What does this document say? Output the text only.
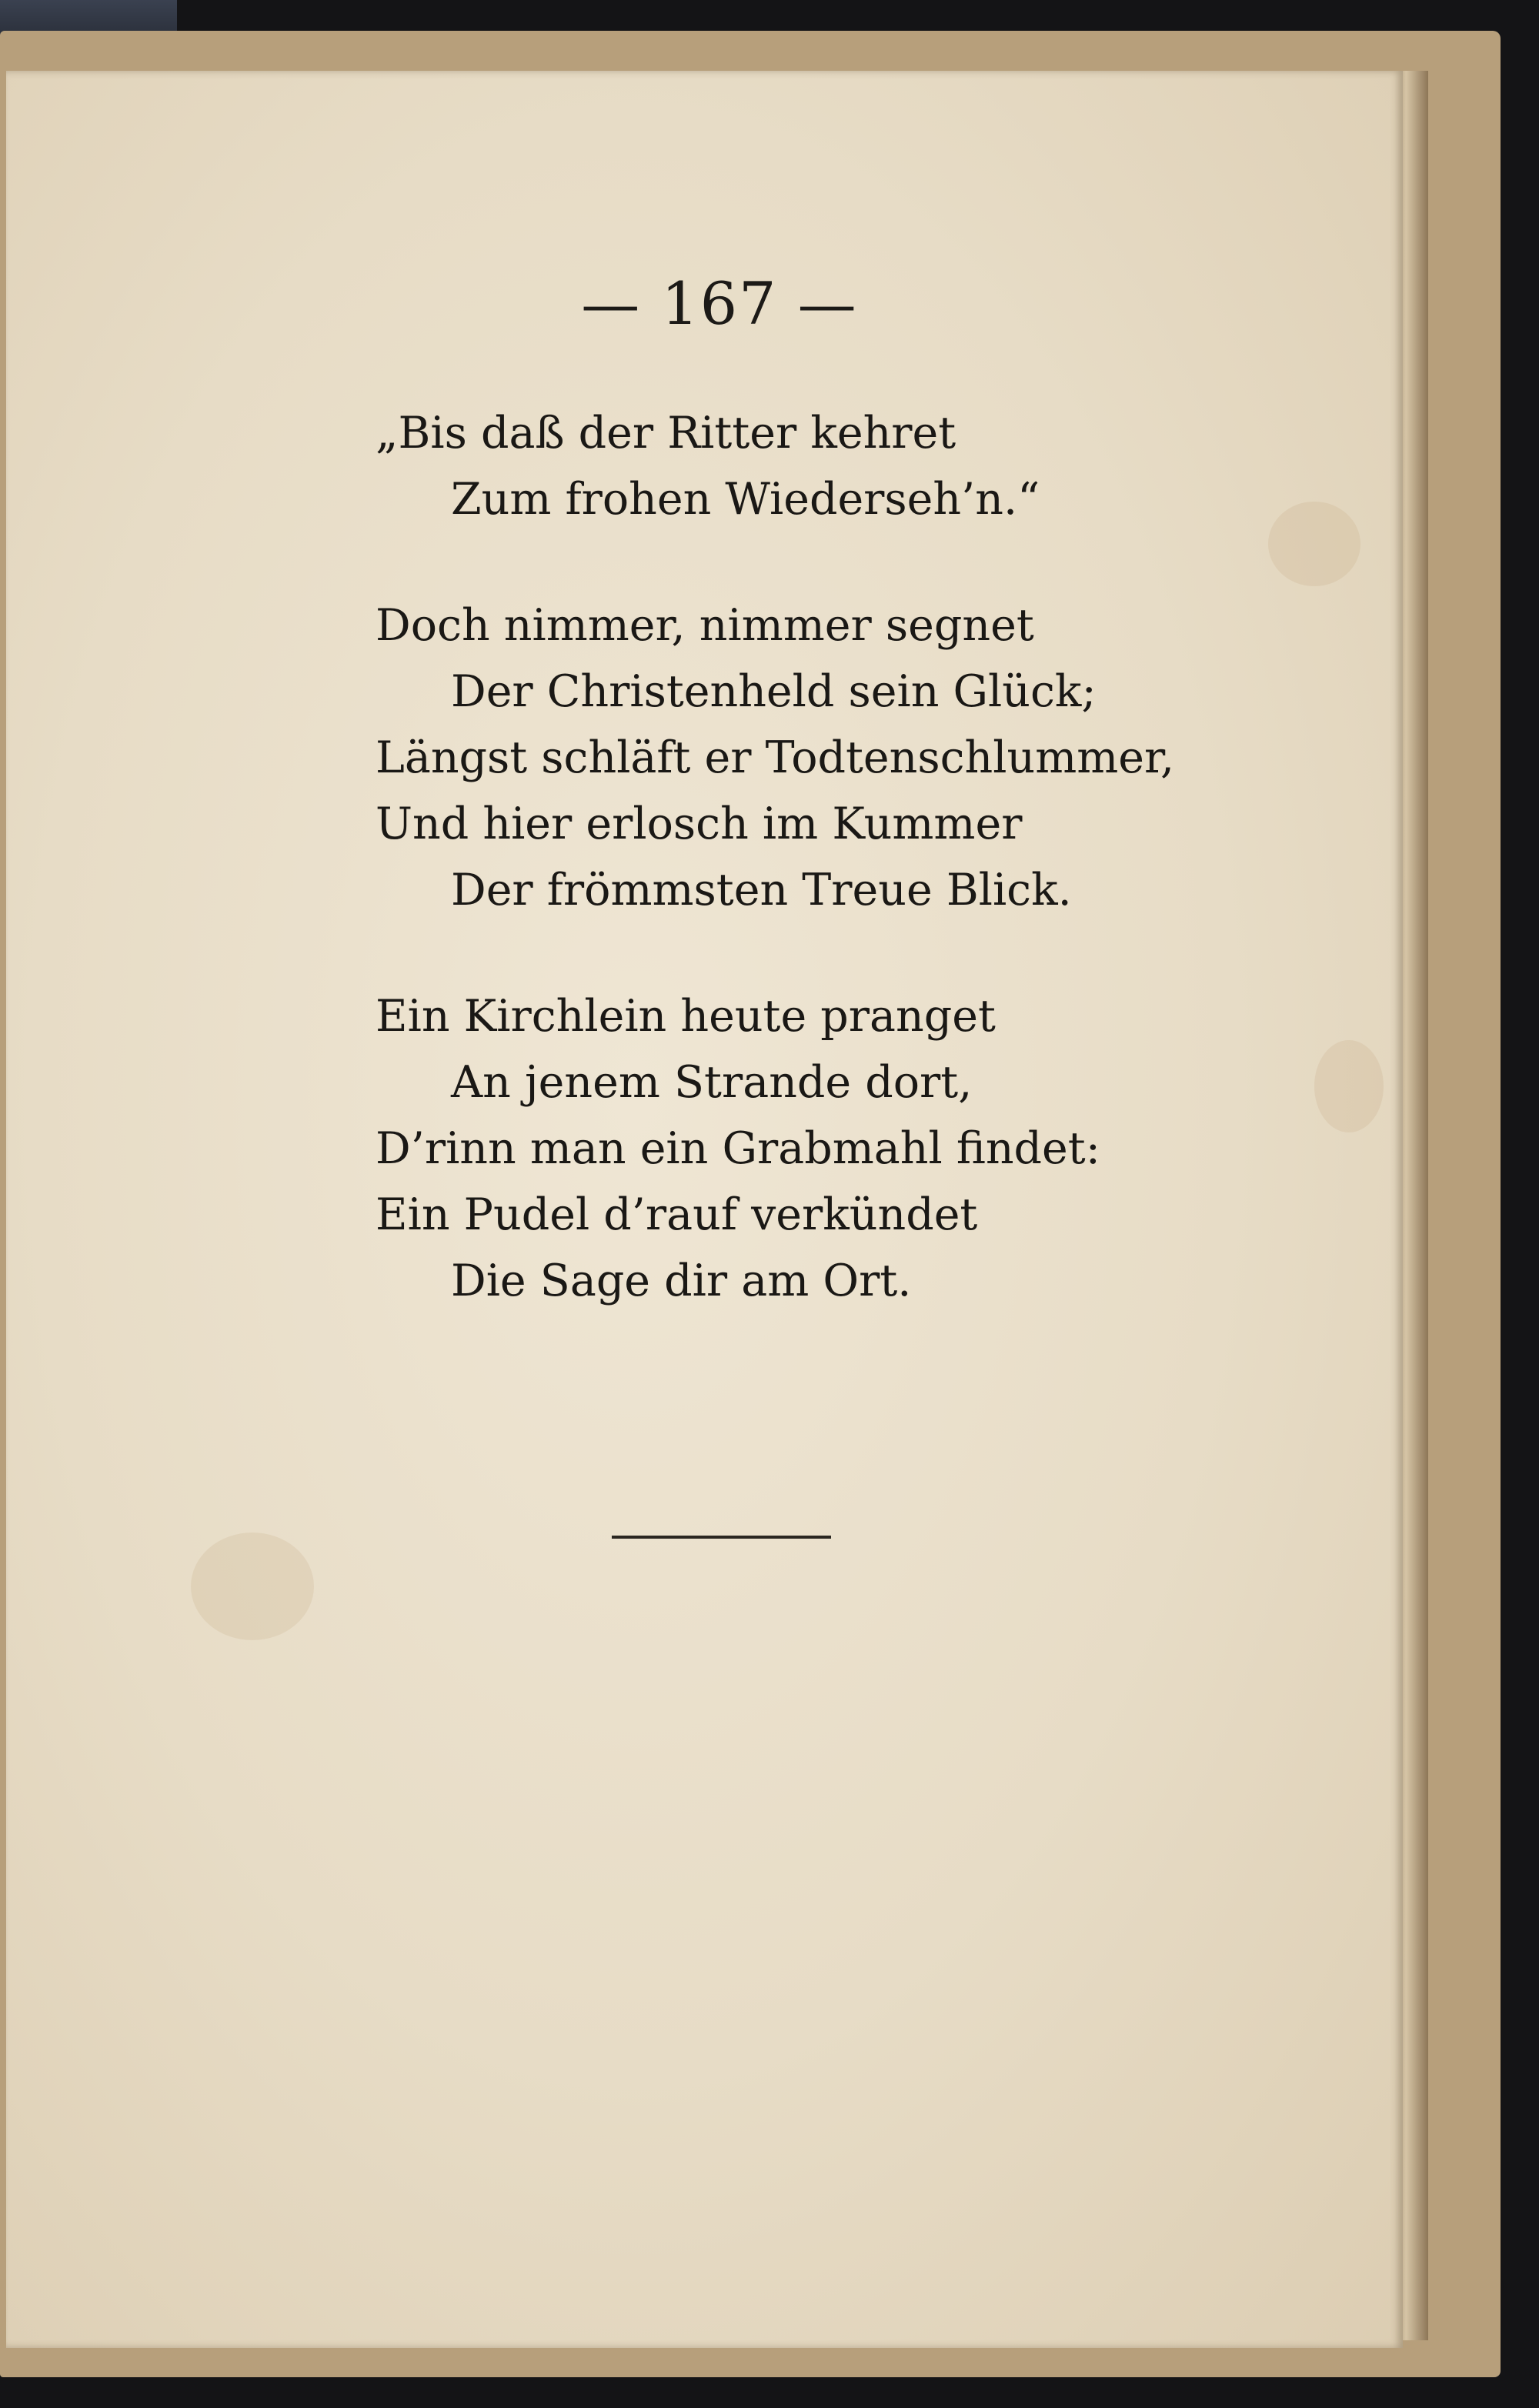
— 167 —
„Bis daß der Ritter kehret
Zum frohen Wiederseh’n.“
Doch nimmer, nimmer segnet
Der Christenheld sein Glück;
Längst schläft er Todtenschlummer,
Und hier erlosch im Kummer
Der frömmsten Treue Blick.
Ein Kirchlein heute pranget
An jenem Strande dort,
D’rinn man ein Grabmahl findet:
Ein Pudel d’rauf verkündet
Die Sage dir am Ort.
